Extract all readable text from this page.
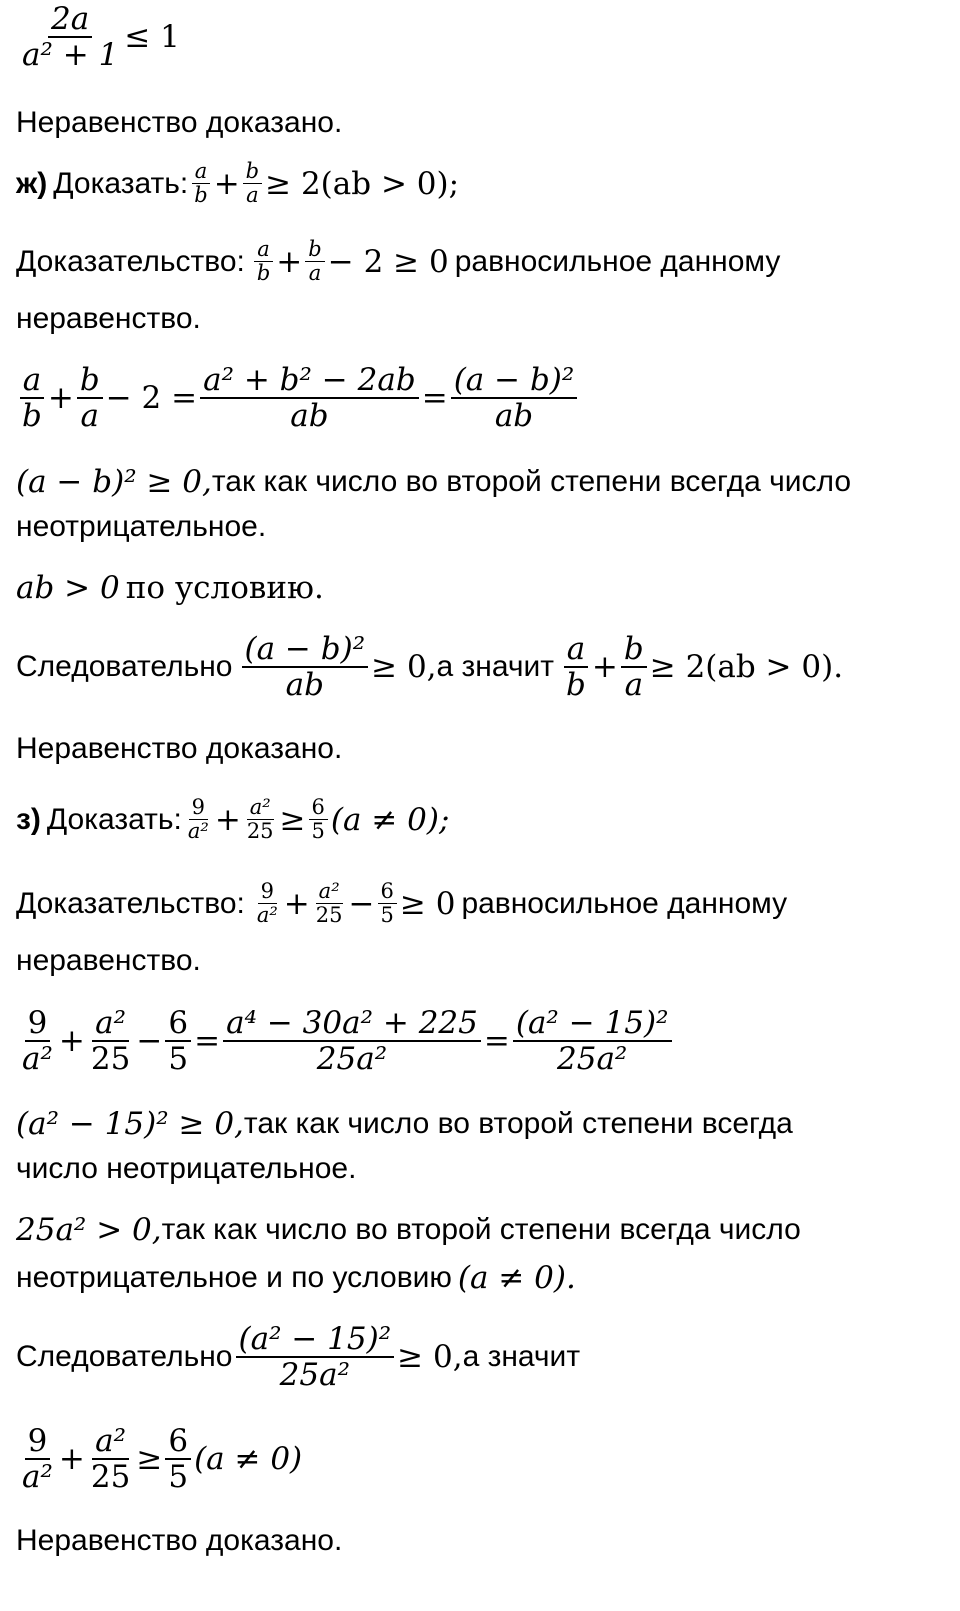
$\frac{2a}{\text{a² + 1}} \le 1$
Неравенство доказано.
ж) Доказать: $\frac{a}{b} + \frac{b}{a} \ge 2(ab > 0)$;
Доказательство: $\frac{a}{b} + \frac{b}{a} - 2 \ge 0$ равносильное данному
неравенство.
$\frac{a}{b} + \frac{b}{a} - 2 = \frac{\text{a² + b² − 2ab}}{ab} = \frac{\text{(a − b)²}}{ab}$
(a − b)² ≥ 0, так как число во второй степени всегда число
неотрицательное.
ab > 0 по условию.
Следовательно $\frac{\text{(a − b)²}}{ab} \ge 0$, а значит $\frac{a}{b} + \frac{b}{a} \ge 2(ab > 0)$.
Неравенство доказано.
з) Доказать: $\frac{9}{\text{a²}} + \frac{\text{a²}}{25} \ge \frac{6}{5} (a \ne 0)$;
Доказательство: $\frac{9}{\text{a²}} + \frac{\text{a²}}{25} - \frac{6}{5} \ge 0$ равносильное данному
неравенство.
$\frac{9}{\text{a²}} + \frac{\text{a²}}{25} - \frac{6}{5} = \frac{\text{a⁴ − 30a² + 225}}{\text{25a²}} = \frac{\text{(a² − 15)²}}{\text{25a²}}$
(a² − 15)² ≥ 0, так как число во второй степени всегда
число неотрицательное.
25a² > 0, так как число во второй степени всегда число
неотрицательное и по условию (a ≠ 0).
Следовательно $\frac{\text{(a² − 15)²}}{\text{25a²}} \ge 0$, а значит
$\frac{9}{\text{a²}} + \frac{\text{a²}}{25} \ge \frac{6}{5} (a \ne 0)$
Неравенство доказано.
